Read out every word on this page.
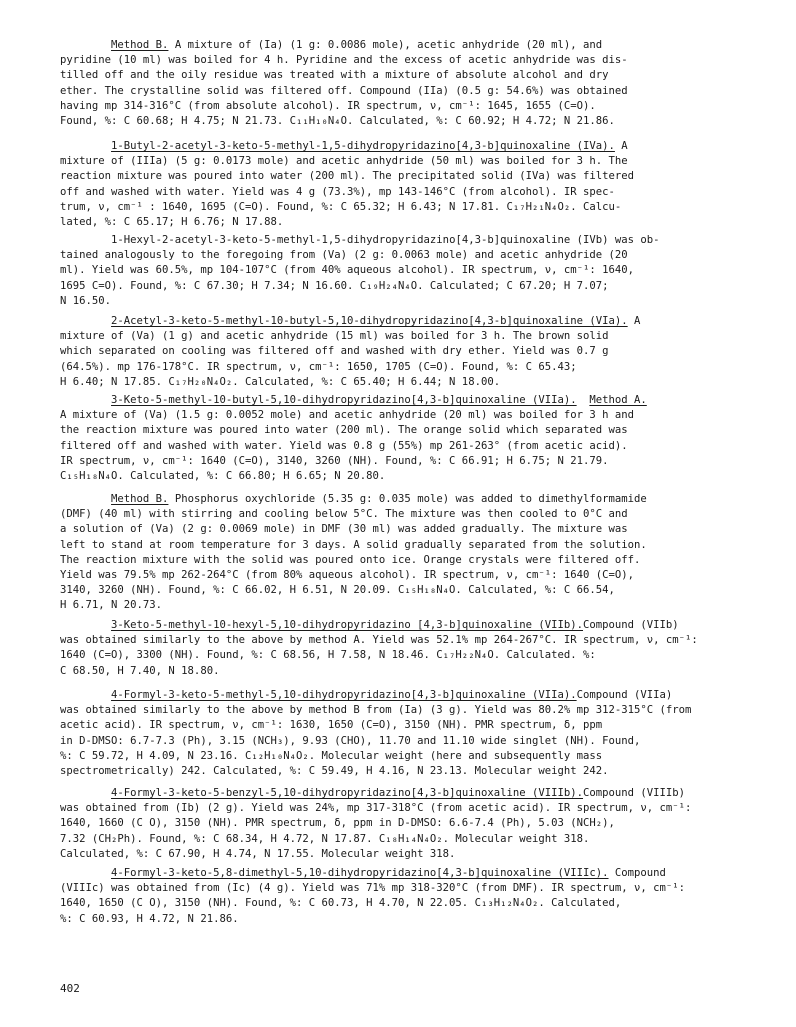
Method B. A mixture of (Ia) (1 g: 0.0086 mole), acetic anhydride (20 ml), and
pyridine (10 ml) was boiled for 4 h. Pyridine and the excess of acetic anhydride was dis-
tilled off and the oily residue was treated with a mixture of absolute alcohol and dry
ether. The crystalline solid was filtered off. Compound (IIa) (0.5 g: 54.6%) was obtained
having mp 314-316°C (from absolute alcohol). IR spectrum, ν, cm⁻¹: 1645, 1655 (C=O).
Found, %: C 60.68; H 4.75; N 21.73. C₁₁H₁₀N₄O. Calculated, %: C 60.92; H 4.72; N 21.86.
1-Butyl-2-acetyl-3-keto-5-methyl-1,5-dihydropyridazino[4,3-b]quinoxaline (IVa). A
mixture of (IIIa) (5 g: 0.0173 mole) and acetic anhydride (50 ml) was boiled for 3 h. The
reaction mixture was poured into water (200 ml). The precipitated solid (IVa) was filtered
off and washed with water. Yield was 4 g (73.3%), mp 143-146°C (from alcohol). IR spec-
trum, ν, cm⁻¹ : 1640, 1695 (C=O). Found, %: C 65.32; H 6.43; N 17.81. C₁₇H₂₁N₄O₂. Calcu-
lated, %: C 65.17; H 6.76; N 17.88.
1-Hexyl-2-acetyl-3-keto-5-methyl-1,5-dihydropyridazino[4,3-b]quinoxaline (IVb) was ob-
tained analogously to the foregoing from (Va) (2 g: 0.0063 mole) and acetic anhydride (20
ml). Yield was 60.5%, mp 104-107°C (from 40% aqueous alcohol). IR spectrum, ν, cm⁻¹: 1640,
1695 C=O). Found, %: C 67.30; H 7.34; N 16.60. C₁₉H₂₄N₄O. Calculated; C 67.20; H 7.07;
N 16.50.
2-Acetyl-3-keto-5-methyl-10-butyl-5,10-dihydropyridazino[4,3-b]quinoxaline (VIa). A
mixture of (Va) (1 g) and acetic anhydride (15 ml) was boiled for 3 h. The brown solid
which separated on cooling was filtered off and washed with dry ether. Yield was 0.7 g
(64.5%). mp 176-178°C. IR spectrum, ν, cm⁻¹: 1650, 1705 (C=O). Found, %: C 65.43;
H 6.40; N 17.85. C₁₇H₂₀N₄O₂. Calculated, %: C 65.40; H 6.44; N 18.00.
3-Keto-5-methyl-10-butyl-5,10-dihydropyridazino[4,3-b]quinoxaline (VIIa). Method A.
A mixture of (Va) (1.5 g: 0.0052 mole) and acetic anhydride (20 ml) was boiled for 3 h and
the reaction mixture was poured into water (200 ml). The orange solid which separated was
filtered off and washed with water. Yield was 0.8 g (55%) mp 261-263° (from acetic acid).
IR spectrum, ν, cm⁻¹: 1640 (C=O), 3140, 3260 (NH). Found, %: C 66.91; H 6.75; N 21.79.
C₁₅H₁₈N₄O. Calculated, %: C 66.80; H 6.65; N 20.80.
Method B. Phosphorus oxychloride (5.35 g: 0.035 mole) was added to dimethylformamide
(DMF) (40 ml) with stirring and cooling below 5°C. The mixture was then cooled to 0°C and
a solution of (Va) (2 g: 0.0069 mole) in DMF (30 ml) was added gradually. The mixture was
left to stand at room temperature for 3 days. A solid gradually separated from the solution.
The reaction mixture with the solid was poured onto ice. Orange crystals were filtered off.
Yield was 79.5% mp 262-264°C (from 80% aqueous alcohol). IR spectrum, ν, cm⁻¹: 1640 (C=O),
3140, 3260 (NH). Found, %: C 66.02, H 6.51, N 20.09. C₁₅H₁₈N₄O. Calculated, %: C 66.54,
H 6.71, N 20.73.
3-Keto-5-methyl-10-hexyl-5,10-dihydropyridazino [4,3-b]quinoxaline (VIIb).Compound (VIIb)
was obtained similarly to the above by method A. Yield was 52.1% mp 264-267°C. IR spectrum, ν, cm⁻¹:
1640 (C=O), 3300 (NH). Found, %: C 68.56, H 7.58, N 18.46. C₁₇H₂₂N₄O. Calculated. %:
C 68.50, H 7.40, N 18.80.
4-Formyl-3-keto-5-methyl-5,10-dihydropyridazino[4,3-b]quinoxaline (VIIa).Compound (VIIa)
was obtained similarly to the above by method B from (Ia) (3 g). Yield was 80.2% mp 312-315°C (from
acetic acid). IR spectrum, ν, cm⁻¹: 1630, 1650 (C=O), 3150 (NH). PMR spectrum, δ, ppm
in D-DMSO: 6.7-7.3 (Ph), 3.15 (NCH₃), 9.93 (CHO), 11.70 and 11.10 wide singlet (NH). Found,
%: C 59.72, H 4.09, N 23.16. C₁₂H₁₀N₄O₂. Molecular weight (here and subsequently mass
spectrometrically) 242. Calculated, %: C 59.49, H 4.16, N 23.13. Molecular weight 242.
4-Formyl-3-keto-5-benzyl-5,10-dihydropyridazino[4,3-b]quinoxaline (VIIIb).Compound (VIIIb)
was obtained from (Ib) (2 g). Yield was 24%, mp 317-318°C (from acetic acid). IR spectrum, ν, cm⁻¹:
1640, 1660 (C O), 3150 (NH). PMR spectrum, δ, ppm in D-DMSO: 6.6-7.4 (Ph), 5.03 (NCH₂),
7.32 (CH₂Ph). Found, %: C 68.34, H 4.72, N 17.87. C₁₈H₁₄N₄O₂. Molecular weight 318.
Calculated, %: C 67.90, H 4.74, N 17.55. Molecular weight 318.
4-Formyl-3-keto-5,8-dimethyl-5,10-dihydropyridazino[4,3-b]quinoxaline (VIIIc). Compound
(VIIIc) was obtained from (Ic) (4 g). Yield was 71% mp 318-320°C (from DMF). IR spectrum, ν, cm⁻¹:
1640, 1650 (C O), 3150 (NH). Found, %: C 60.73, H 4.70, N 22.05. C₁₃H₁₂N₄O₂. Calculated,
%: C 60.93, H 4.72, N 21.86.
402
